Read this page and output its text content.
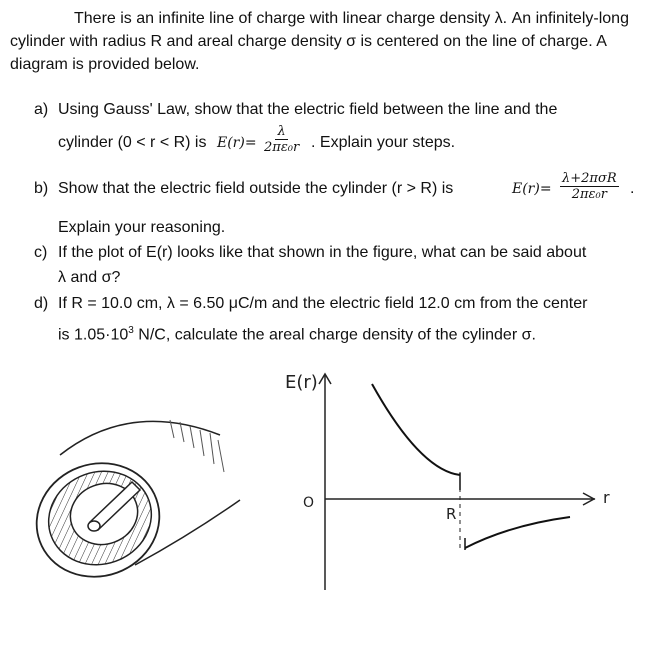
There is an infinite line of charge with linear charge density λ. An infinitely-long cylinder with radius R and areal charge density σ is centered on the line of charge. A diagram is provided below.
a) Using Gauss' Law, show that the electric field between the line and the
cylinder (0 < r < R) is $E(r)= \frac{\lambda}{\text{2πε₀r}}$ . Explain your steps.
b) Show that the electric field outside the cylinder (r > R) is	E(r)=
λ+2πσR
2πε₀r .
Explain your reasoning.
c) If the plot of E(r) looks like that shown in the figure, what can be said about
λ and σ?
d) If R = 10.0 cm, λ = 6.50 μC/m and the electric field 12.0 cm from the center
is $1.05\cdot 10^3$ N/C, calculate the areal charge density of the cylinder σ.
E(r)
O
R
r
